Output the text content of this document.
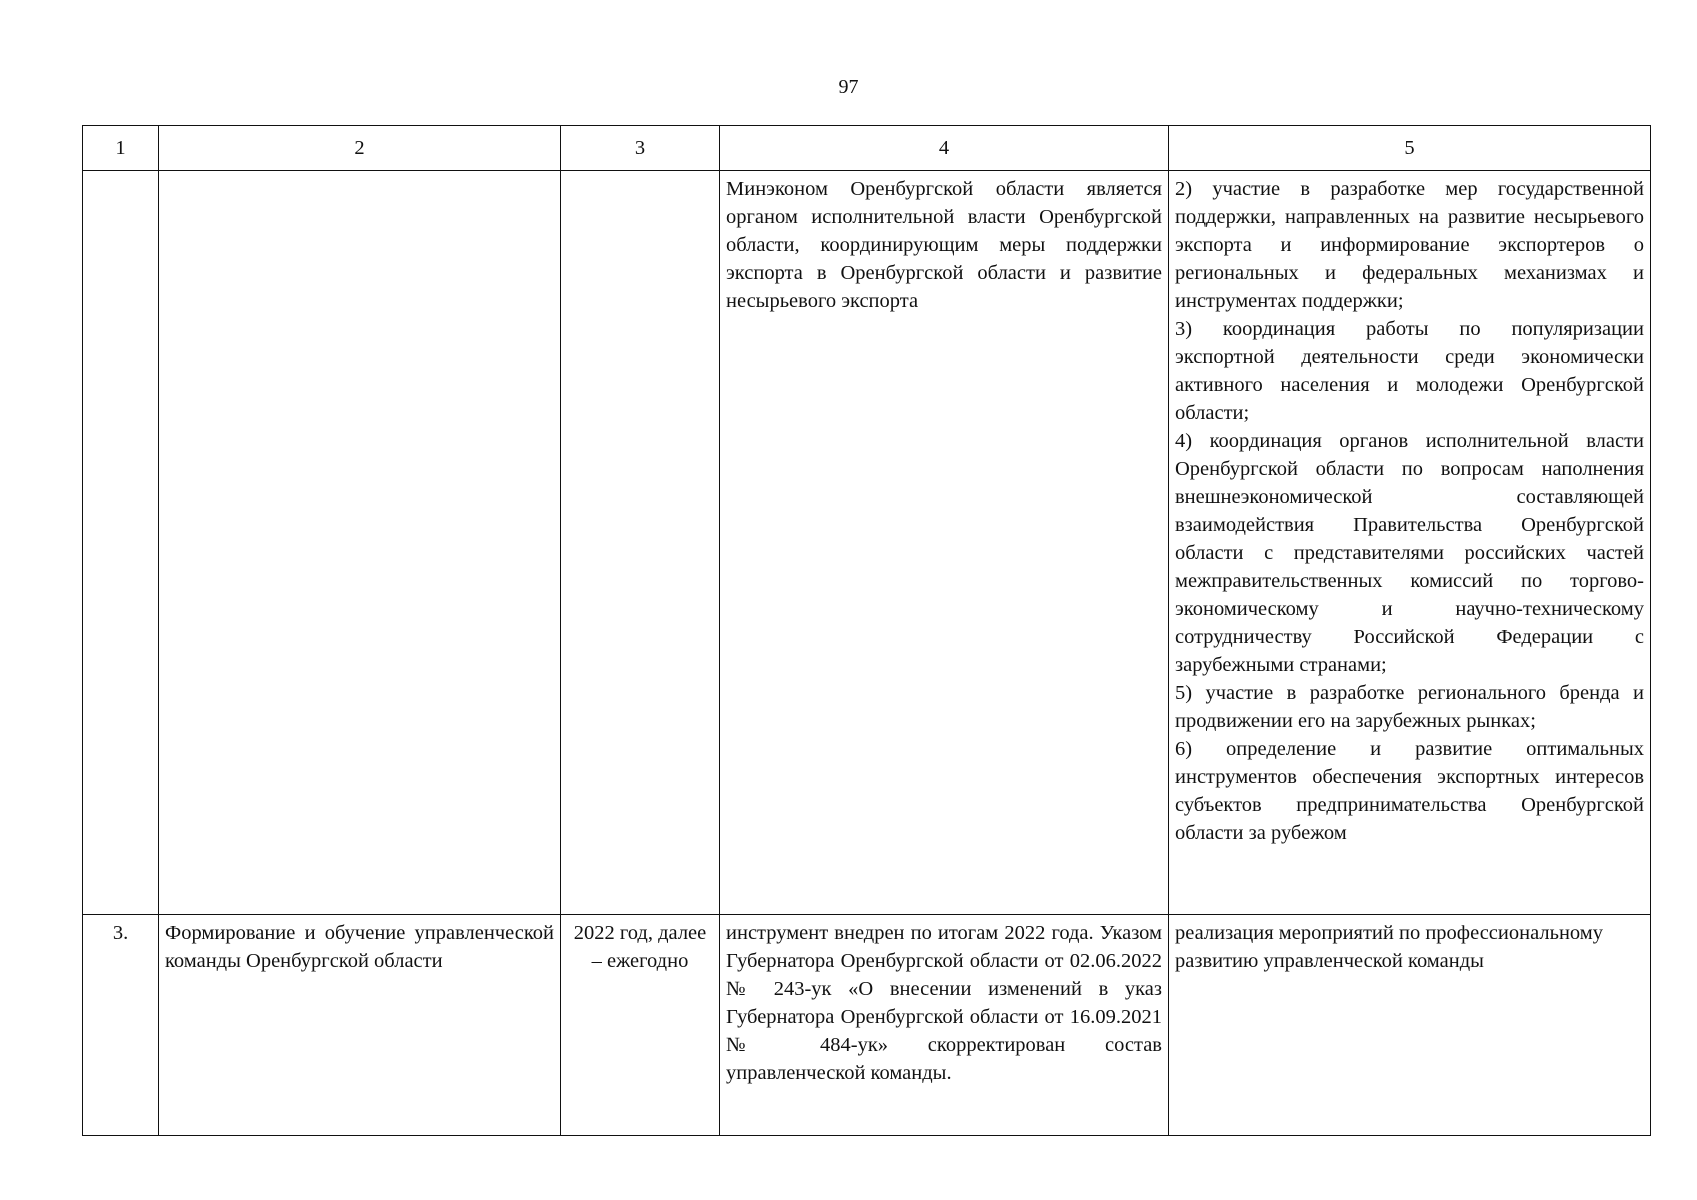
97
1	2	3	4	5
			Минэконом Оренбургской области является органом исполнительной власти Оренбургской области, координирующим меры поддержки экспорта в Оренбургской области и развитие несырьевого экспорта	2) участие в разработке мер государственной поддержки, направленных на развитие несырьевого экспорта и информирование экспортеров о региональных и федеральных механизмах и инструментах поддержки;
3) координация работы по популяризации экспортной деятельности среди экономически активного населения и молодежи Оренбургской области;
4) координация органов исполнительной власти Оренбургской области по вопросам наполнения внешнеэкономической составляющей взаимодействия Правительства Оренбургской области с представителями российских частей межправительственных комиссий по торгово-экономическому и научно-техническому сотрудничеству Российской Федерации с зарубежными странами;
5) участие в разработке регионального бренда и продвижении его на зарубежных рынках;
6) определение и развитие оптимальных инструментов обеспечения экспортных интересов субъектов предпринимательства Оренбургской области за рубежом

3.	Формирование и обучение управленческой команды Оренбургской области	2022 год, далее – ежегодно	инструмент внедрен по итогам 2022 года. Указом Губернатора Оренбургской области от 02.06.2022 № 243-ук «О внесении изменений в указ Губернатора Оренбургской области от 16.09.2021 № 484-ук» скорректирован состав управленческой команды.	реализация мероприятий по профессиональному развитию управленческой команды
